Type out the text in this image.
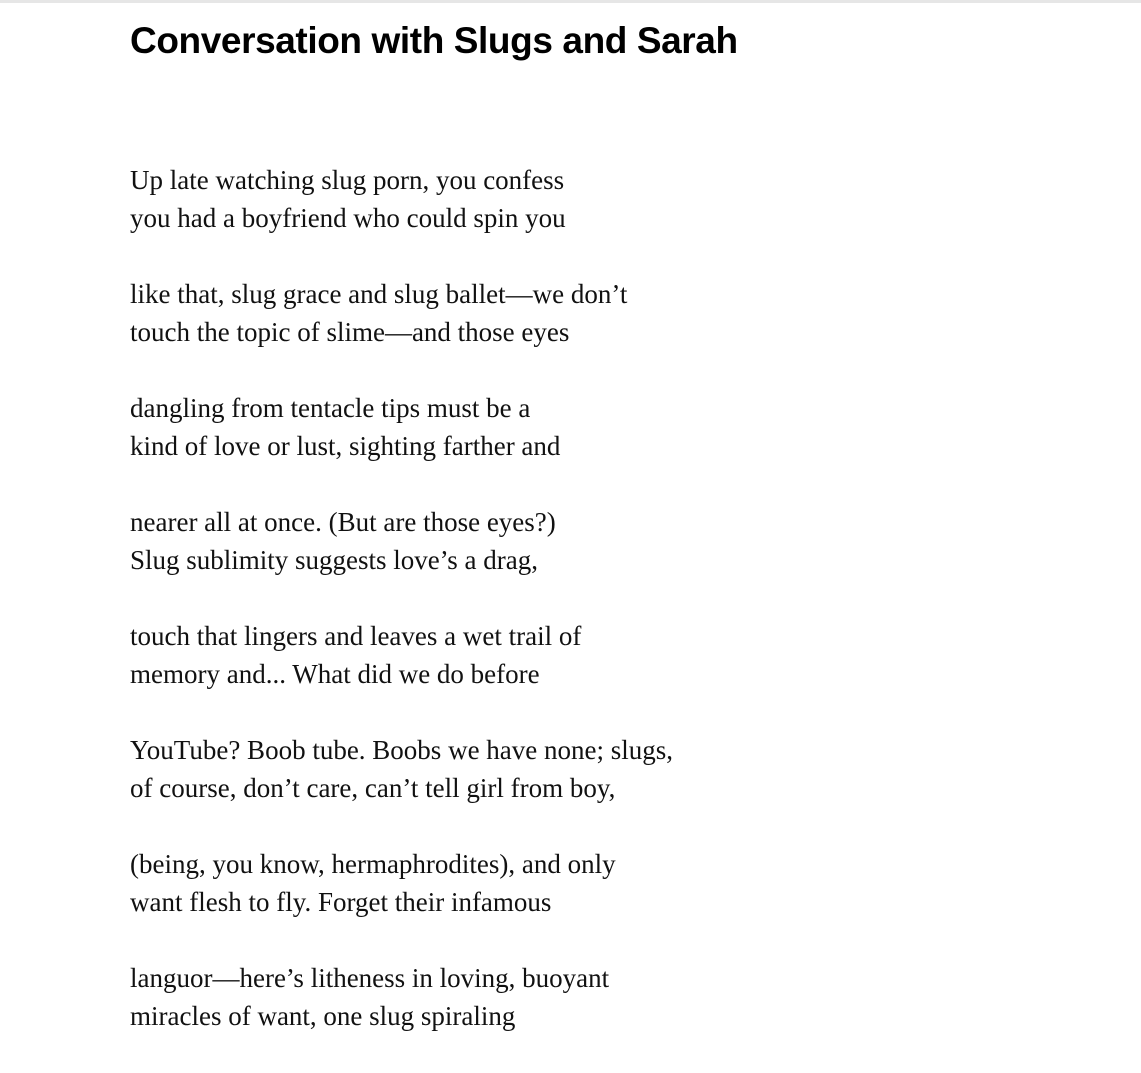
Conversation with Slugs and Sarah
Up late watching slug porn, you confess
you had a boyfriend who could spin you
like that, slug grace and slug ballet—we don’t
touch the topic of slime—and those eyes
dangling from tentacle tips must be a
kind of love or lust, sighting farther and
nearer all at once. (But are those eyes?)
Slug sublimity suggests love’s a drag,
touch that lingers and leaves a wet trail of
memory and... What did we do before
YouTube? Boob tube. Boobs we have none; slugs,
of course, don’t care, can’t tell girl from boy,
(being, you know, hermaphrodites), and only
want flesh to fly. Forget their infamous
languor—here’s litheness in loving, buoyant
miracles of want, one slug spiraling
